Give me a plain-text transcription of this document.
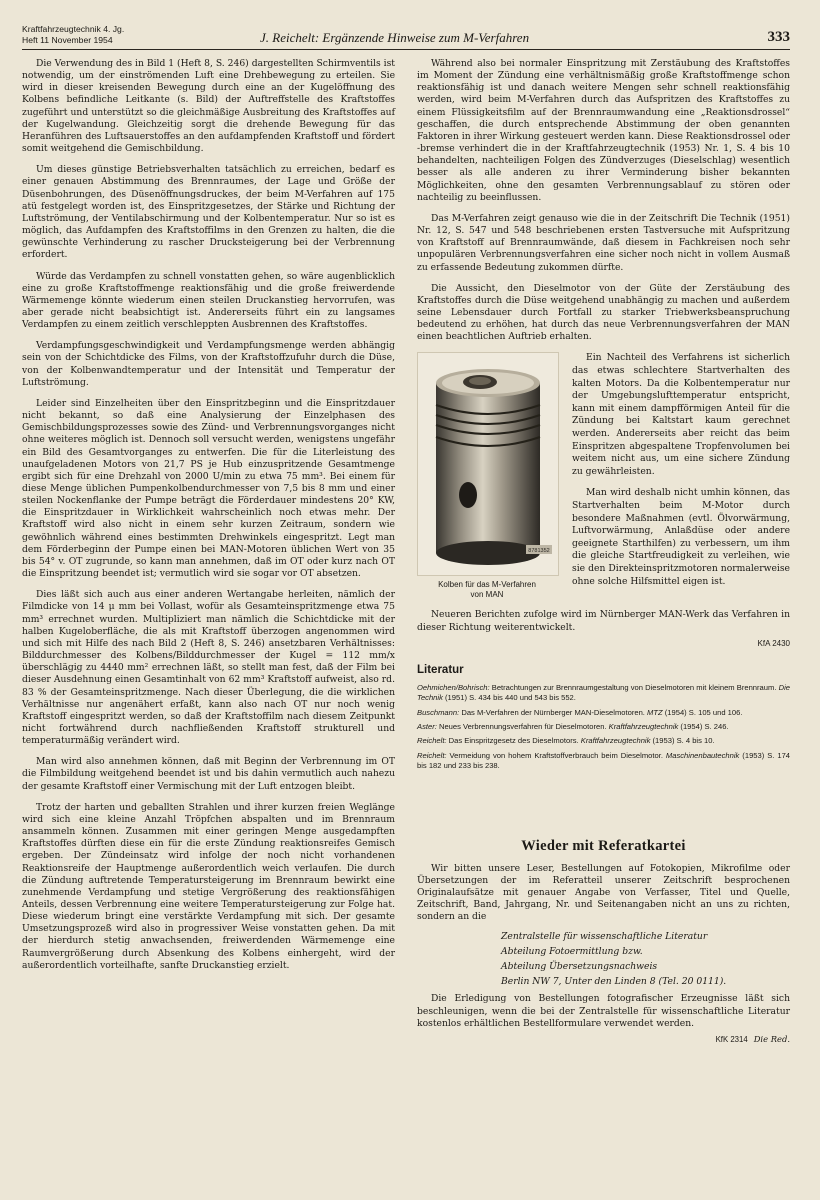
Kraftfahrzeugtechnik 4. Jg.
Heft 11 November 1954	J. Reichelt: Ergänzende Hinweise zum M-Verfahren	333

Die Verwendung des in Bild 1 (Heft 8, S. 246) dargestellten Schirmventils ist notwendig, um der einströmenden Luft eine Drehbewegung zu erteilen. Sie wird in dieser kreisenden Bewegung durch eine an der Kugelöffnung des Kolbens befindliche Leitkante (s. Bild) der Auftreffstelle des Kraftstoffes zugeführt und unterstützt so die gleichmäßige Ausbreitung des Kraftstoffes auf der Kugelwandung. Gleichzeitig sorgt die drehende Bewegung für das Heranführen des Luftsauerstoffes an den aufdampfenden Kraftstoff und fördert somit weitgehend die Gemischbildung.

Um dieses günstige Betriebsverhalten tatsächlich zu erreichen, bedarf es einer genauen Abstimmung des Brennraumes, der Lage und Größe der Düsenbohrungen, des Düsenöffnungsdruckes, der beim M-Verfahren auf 175 atü festgelegt worden ist, des Einspritzgesetzes, der Stärke und Richtung der Luftströmung, der Ventilabschirmung und der Kolbentemperatur. Nur so ist es möglich, das Aufdampfen des Kraftstoffilms in den Grenzen zu halten, die die gewünschte Verhinderung zu rascher Drucksteigerung bei der Verbrennung erfordert.

Würde das Verdampfen zu schnell vonstatten gehen, so wäre augenblicklich eine zu große Kraftstoffmenge reaktionsfähig und die große freiwerdende Wärmemenge könnte wiederum einen steilen Druckanstieg hervorrufen, was aber gerade nicht beabsichtigt ist. Andererseits führt ein zu langsames Verdampfen zu einem zeitlich verschleppten Ausbrennen des Kraftstoffes.

Verdampfungsgeschwindigkeit und Verdampfungsmenge werden abhängig sein von der Schichtdicke des Films, von der Kraftstoffzufuhr durch die Düse, von der Kolbenwandtemperatur und der Intensität und Temperatur der Luftströmung.

Leider sind Einzelheiten über den Einspritzbeginn und die Einspritzdauer nicht bekannt, so daß eine Analysierung der Einzelphasen des Gemischbildungsprozesses sowie des Zünd- und Verbrennungsvorganges nicht ohne weiteres möglich ist. Dennoch soll versucht werden, wenigstens ungefähr ein Bild des Gesamtvorganges zu entwerfen. Die für die Literleistung des unaufgeladenen Motors von 21,7 PS je Hub einzuspritzende Gesamtmenge ergibt sich für eine Drehzahl von 2000 U/min zu etwa 75 mm³. Bei einem für diese Menge üblichen Pumpenkolbendurchmesser von 7,5 bis 8 mm und einer steilen Nockenflanke der Pumpe beträgt die Förderdauer mindestens 20° KW, die Einspritzdauer in Wirklichkeit wahrscheinlich noch etwas mehr. Der Kraftstoff wird also nicht in einem sehr kurzen Zeitraum, sondern wie gewöhnlich während eines bestimmten Drehwinkels eingespritzt. Legt man dem Förderbeginn der Pumpe einen bei MAN-Motoren üblichen Wert von 35 bis 54° v. OT zugrunde, so kann man annehmen, daß im OT oder kurz nach OT die Einspritzung beendet ist; vermutlich wird sie sogar vor OT absetzen.

Dies läßt sich auch aus einer anderen Wertangabe herleiten, nämlich der Filmdicke von 14 μ mm bei Vollast, wofür als Gesamteinspritzmenge etwa 75 mm³ errechnet wurden. Multipliziert man nämlich die Schichtdicke mit der halben Kugeloberfläche, die als mit Kraftstoff überzogen angenommen wird und sich mit Hilfe des nach Bild 2 (Heft 8, S. 246) ansetzbaren Verhältnisses: Bilddurchmesser des Kolbens/Bilddurchmesser der Kugel = 112 mm/x überschlägig zu 4440 mm² errechnen läßt, so stellt man fest, daß der Film bei dieser Ausdehnung einen Gesamtinhalt von 62 mm³ Kraftstoff aufweist, also rd. 83 % der Gesamteinspritzmenge. Nach dieser Überlegung, die die wirklichen Verhältnisse nur angenähert erfaßt, kann also nach OT nur noch wenig Kraftstoff eingespritzt werden, so daß der Kraftstoffilm nach diesem Zeitpunkt nicht fortwährend durch nachfließenden Kraftstoff strukturell und temperaturmäßig verändert wird.

Man wird also annehmen können, daß mit Beginn der Verbrennung im OT die Filmbildung weitgehend beendet ist und bis dahin vermutlich auch nahezu der gesamte Kraftstoff einer Vermischung mit der Luft entzogen bleibt.

Trotz der harten und geballten Strahlen und ihrer kurzen freien Weglänge wird sich eine kleine Anzahl Tröpfchen abspalten und im Brennraum ansammeln können. Zusammen mit einer geringen Menge ausgedampften Kraftstoffes dürften diese ein für die erste Zündung reaktionsreifes Gemisch ergeben. Der Zündeinsatz wird infolge der noch nicht vorhandenen Reaktionsreife der Hauptmenge außerordentlich weich verlaufen. Die durch die Zündung auftretende Temperatursteigerung im Brennraum bewirkt eine zunehmende Verdampfung und stetige Vergrößerung des reaktionsfähigen Anteils, dessen Verbrennung eine weitere Temperatursteigerung zur Folge hat. Diese wiederum bringt eine verstärkte Verdampfung mit sich. Der gesamte Umsetzungsprozeß wird also in progressiver Weise vonstatten gehen. Da mit der hierdurch stetig anwachsenden, freiwerdenden Wärmemenge eine Raumvergrößerung durch Absenkung des Kolbens einhergeht, wird der außerordentlich vorteilhafte, sanfte Druckanstieg erzielt.

Während also bei normaler Einspritzung mit Zerstäubung des Kraftstoffes im Moment der Zündung eine verhältnismäßig große Kraftstoffmenge schon reaktionsfähig ist und danach weitere Mengen sehr schnell reaktionsfähig werden, wird beim M-Verfahren durch das Aufspritzen des Kraftstoffes zu einem Flüssigkeitsfilm auf der Brennraumwandung eine „Reaktionsdrossel“ geschaffen, die durch entsprechende Abstimmung der oben genannten Faktoren in ihrer Wirkung gesteuert werden kann. Diese Reaktionsdrossel oder -bremse verhindert die in der Kraftfahrzeugtechnik (1953) Nr. 1, S. 4 bis 10 behandelten, nachteiligen Folgen des Zündverzuges (Dieselschlag) wesentlich besser als alle anderen zu ihrer Verminderung bisher bekannten Möglichkeiten, ohne den gesamten Verbrennungsablauf zu stören oder nachteilig zu beeinflussen.

Das M-Verfahren zeigt genauso wie die in der Zeitschrift Die Technik (1951) Nr. 12, S. 547 und 548 beschriebenen ersten Tastversuche mit Aufspritzung von Kraftstoff auf Brennraumwände, daß diesem in Fachkreisen noch sehr unpopulären Verbrennungsverfahren eine sicher noch nicht in vollem Ausmaß zu erfassende Bedeutung zukommen dürfte.

Die Aussicht, den Dieselmotor von der Güte der Zerstäubung des Kraftstoffes durch die Düse weitgehend unabhängig zu machen und außerdem seine Lebensdauer durch Fortfall zu starker Triebwerksbeanspruchung bedeutend zu erhöhen, hat durch das neue Verbrennungsverfahren der MAN einen beachtlichen Auftrieb erhalten.

8781352
Kolben für das M-Verfahren
von MAN

Ein Nachteil des Verfahrens ist sicherlich das etwas schlechtere Startverhalten des kalten Motors. Da die Kolbentemperatur nur der Umgebungslufttemperatur entspricht, kann mit einem dampfförmigen Anteil für die Zündung bei Kaltstart kaum gerechnet werden. Andererseits aber reicht das beim Einspritzen abgespaltene Tropfenvolumen bei weitem nicht aus, um eine sichere Zündung zu gewährleisten.

Man wird deshalb nicht umhin können, das Startverhalten beim M-Motor durch besondere Maßnahmen (evtl. Ölvorwärmung, Luftvorwärmung, Anlaßdüse oder andere geeignete Starthilfen) zu verbessern, um ihm die gleiche Startfreudigkeit zu verleihen, wie sie den Direkteinspritzmotoren normalerweise ohne solche Hilfsmittel eigen ist.

Neueren Berichten zufolge wird im Nürnberger MAN-Werk das Verfahren in dieser Richtung weiterentwickelt.

KfA 2430
Literatur
Oehmichen/Bohrisch: Betrachtungen zur Brennraumgestaltung von Dieselmotoren mit kleinem Brennraum. Die Technik (1951) S. 434 bis 440 und 543 bis 552.
Buschmann: Das M-Verfahren der Nürnberger MAN-Dieselmotoren. MTZ (1954) S. 105 und 106.
Aster: Neues Verbrennungsverfahren für Dieselmotoren. Kraftfahrzeugtechnik (1954) S. 246.
Reichelt: Das Einspritzgesetz des Dieselmotors. Kraftfahrzeugtechnik (1953) S. 4 bis 10.
Reichelt: Vermeidung von hohem Kraftstoffverbrauch beim Dieselmotor. Maschinenbautechnik (1953) S. 174 bis 182 und 233 bis 238.
Wieder mit Referatkartei

Wir bitten unsere Leser, Bestellungen auf Fotokopien, Mikrofilme oder Übersetzungen der im Referatteil unserer Zeitschrift besprochenen Originalaufsätze mit genauer Angabe von Verfasser, Titel und Quelle, Zeitschrift, Band, Jahrgang, Nr. und Seitenangaben nicht an uns zu richten, sondern an die

Zentralstelle für wissenschaftliche Literatur
Abteilung Fotoermittlung bzw.
Abteilung Übersetzungsnachweis
Berlin NW 7, Unter den Linden 8 (Tel. 20 0111).

Die Erledigung von Bestellungen fotografischer Erzeugnisse läßt sich beschleunigen, wenn die bei der Zentralstelle für wissenschaftliche Literatur kostenlos erhältlichen Bestellformulare verwendet werden.

KfK 2314 Die Red.
